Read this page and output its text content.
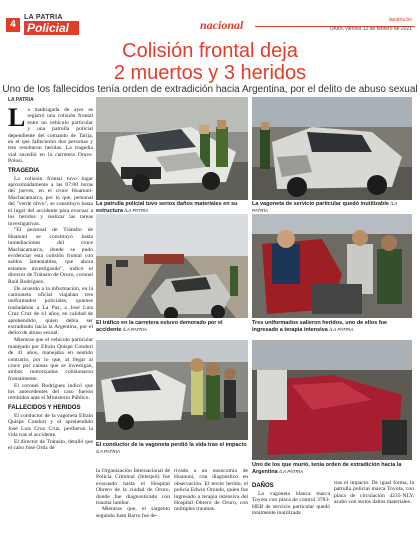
4
LA PATRIA
Policial	nacional	lapatria.bo
Oruro, viernes 12 de febrero de 2021
Colisión frontal deja
2 muertos y 3 heridos
Uno de los fallecidos tenía orden de extradición hacia Argentina, por el delito de abuso sexual
LA PATRIA

La madrugada de ayer se registró una colisión frontal entre un vehículo particular y una patrulla policial dependiente del comando de Tarija, en el que fallecieron dos personas y tres resultaron heridas. La tragedia vial sucedió en la carretera Oruro-Potosí.

TRAGEDIA

La colisión frontal tuvo lugar aproximadamente a las 07:00 horas del jueves, en el cruce Huanuni-Machacamarca, por lo que, personal del "verde olivo", se constituyó hasta el lugar del accidente para evacuar a los heridos y realizar las tareas investigativas.

"El personal de Tránsito de Huanuni se constituyó hasta inmediaciones del cruce Machacamarca, donde se pudo evidenciar esta colisión frontal con saldos lamentables, que ahora estamos investigando", indicó el director de Tránsito de Oruro, coronel Raúl Rodríguez.

De acuerdo a la información, en la camioneta oficial viajaban tres uniformados policiales, quienes trasladaban a La Paz, a José Luis Cruz Cruz de 41 años, en calidad de aprehendido, quien debía ser extraditado hacia la Argentina, por el delito de abuso sexual.

Mientras que el vehículo particular manejado por Efraín Quispe Condori de 41 años, manejaba en sentido contrario, por lo que, al llegar al cruce por causas que se investigan, ambos motorizados colisionaron frontalmente.

El coronel Rodríguez indicó que los antecedentes del caso fueron remitidos ante el Ministerio Público.

FALLECIDOS Y HERIDOS

El conductor de la vagoneta Efraín Quispe Condori y el aprehendido José Luis Cruz Cruz, perdieron la vida tras el accidente.

El director de Tránsito, detalló que el cabo José Ortiz de

La patrulla policial tuvo serios daños materiales en su estructura /LA PATRIA
La vagoneta de servicio particular quedó inutilizable /LA PATRIA
El tráfico en la carretera estuvo demorado por el accidente /LA PATRIA
Tres uniformados salieron heridos, uno de ellos fue ingresado a terapia intensiva /LA PATRIA
El conductor de la vagoneta perdió la vida tras el impacto /LA PATRIA
Uno de los que murió, tenía orden de extradición hacia la Argentina /LA PATRIA

la Organización Internacional de Policía Criminal (Interpol) fue evacuado hasta el Hospital Obrero de la ciudad de Oruro, donde fue diagnosticado con trauma lumbar.

Mientras que, el sargento segundo Juan Barro fue de-

rivado a un nosocomio de Huanuni, con diagnóstico en observación. El tercer herido, el policía Edwin Orondo, quien fue ingresado a terapia intensiva del Hospital Obrero de Oruro, con múltiples traumas.

DAÑOS

La vagoneta blanca marca Toyota con placa de control 3783-HEB de servicio particular quedó totalmente inutilizada

tras el impacto. De igual forma, la patrulla policial marca Toyota, con placa de circulación 4235-NLY, acabó con serios daños materiales.
